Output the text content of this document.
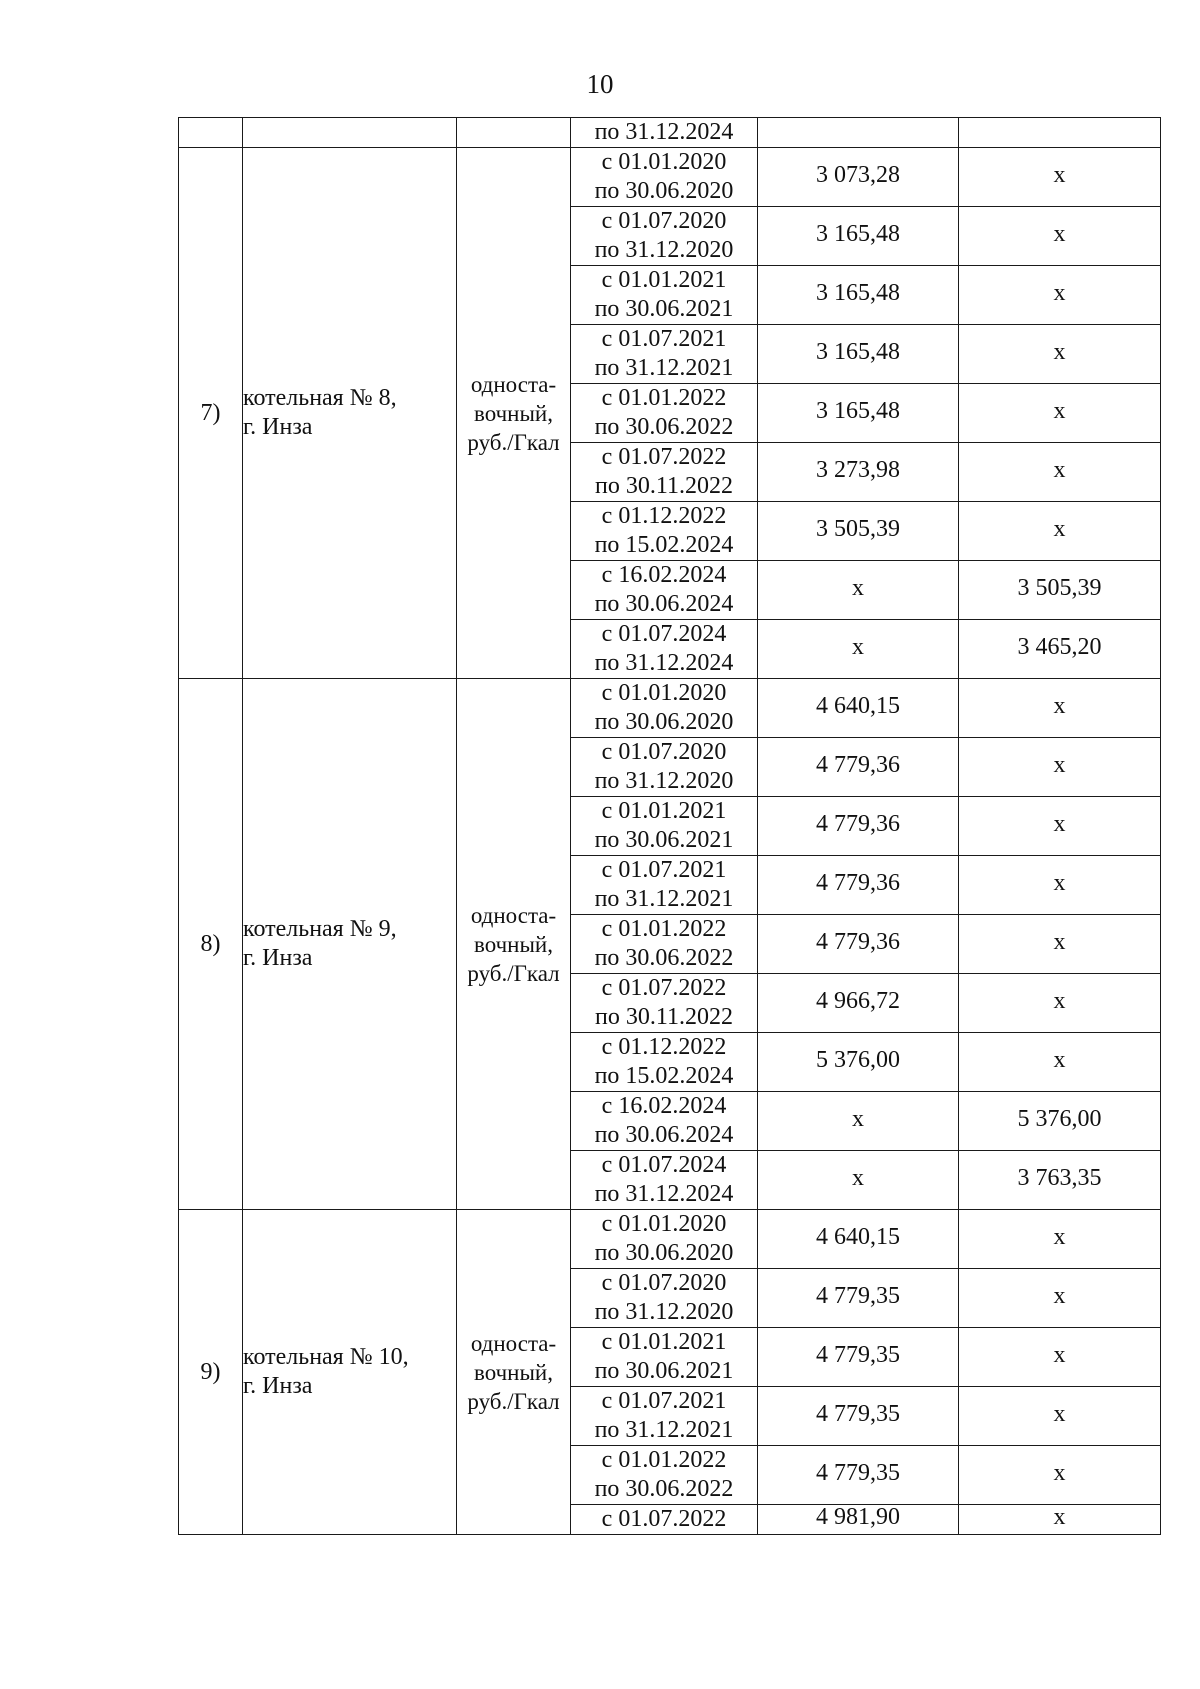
10

			по 31.12.2024		

7)	котельная № 8,
г. Инза	односта-
вочный,
руб./Гкал	с 01.01.2020
по 30.06.2020	3 073,28	х

			с 01.07.2020
по 31.12.2020	3 165,48	х

			с 01.01.2021
по 30.06.2021	3 165,48	х

			с 01.07.2021
по 31.12.2021	3 165,48	х

			с 01.01.2022
по 30.06.2022	3 165,48	х

			с 01.07.2022
по 30.11.2022	3 273,98	х

			с 01.12.2022
по 15.02.2024	3 505,39	х

			с 16.02.2024
по 30.06.2024	х	3 505,39

			с 01.07.2024
по 31.12.2024	х	3 465,20
8)	котельная № 9,
г. Инза	односта-
вочный,
руб./Гкал	с 01.01.2020
по 30.06.2020	4 640,15	х

			с 01.07.2020
по 31.12.2020	4 779,36	х

			с 01.01.2021
по 30.06.2021	4 779,36	х

			с 01.07.2021
по 31.12.2021	4 779,36	х

			с 01.01.2022
по 30.06.2022	4 779,36	х

			с 01.07.2022
по 30.11.2022	4 966,72	х

			с 01.12.2022
по 15.02.2024	5 376,00	х

			с 16.02.2024
по 30.06.2024	х	5 376,00

			с 01.07.2024
по 31.12.2024	х	3 763,35
9)	котельная № 10,
г. Инза	односта-
вочный,
руб./Гкал	с 01.01.2020
по 30.06.2020	4 640,15	х

			с 01.07.2020
по 31.12.2020	4 779,35	х

			с 01.01.2021
по 30.06.2021	4 779,35	х

			с 01.07.2021
по 31.12.2021	4 779,35	х

			с 01.01.2022
по 30.06.2022	4 779,35	х

			с 01.07.2022	4 981,90	х
